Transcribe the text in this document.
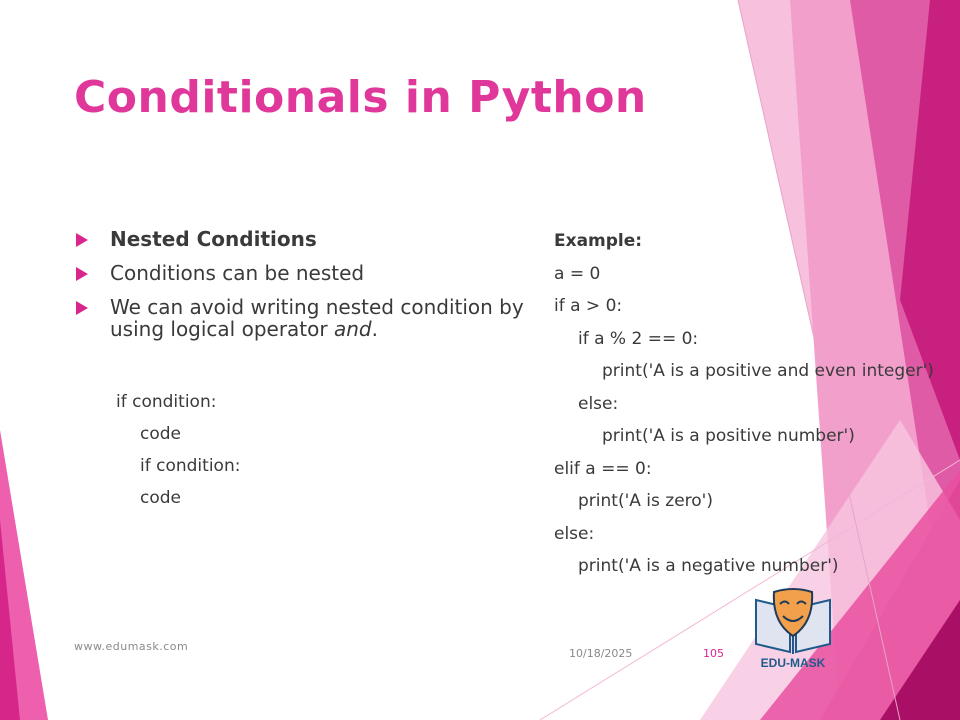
Conditionals in Python
Nested Conditions
Conditions can be nested
We can avoid writing nested condition by using logical operator and.
if condition:
code
if condition:
code
Example:
a = 0
if a > 0:
if a % 2 == 0:
print('A is a positive and even integer')
else:
print('A is a positive number')
elif a == 0:
print('A is zero')
else:
print('A is a negative number')
www.edumask.com
10/18/2025	105
EDU-MASK
